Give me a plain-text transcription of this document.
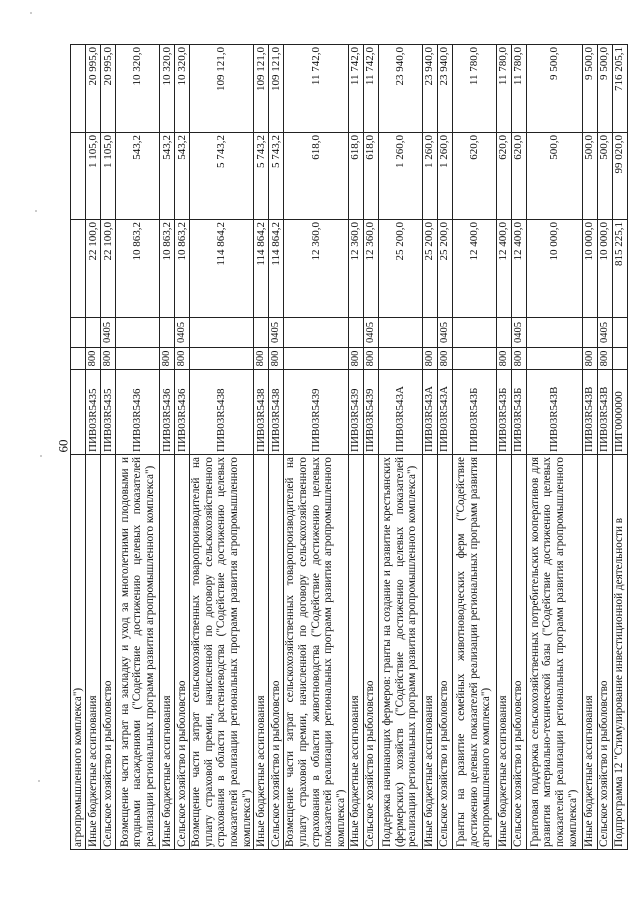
60
агропромышленного комплекса")						
Иные бюджетные ассигнования	ПИВ03R5435	800		22 100,0	1 105,0	20 995,0
Сельское хозяйство и рыболовство	ПИВ03R5435	800	0405	22 100,0	1 105,0	20 995,0
Возмещение части затрат на закладку и уход за многолетними плодовыми и ягодными насаждениями ("Содействие достижению целевых показателей реализации региональных программ развития агропромышленного комплекса")	ПИВ03R5436			10 863,2	543,2	10 320,0
Иные бюджетные ассигнования	ПИВ03R5436	800		10 863,2	543,2	10 320,0
Сельское хозяйство и рыболовство	ПИВ03R5436	800	0405	10 863,2	543,2	10 320,0
Возмещение части затрат сельскохозяйственных товаропроизводителей на уплату страховой премии, начисленной по договору сельскохозяйственного страхования в области растениеводства ("Содействие достижению целевых показателей реализации региональных программ развития агропромышленного комплекса")	ПИВ03R5438			114 864,2	5 743,2	109 121,0
Иные бюджетные ассигнования	ПИВ03R5438	800		114 864,2	5 743,2	109 121,0
Сельское хозяйство и рыболовство	ПИВ03R5438	800	0405	114 864,2	5 743,2	109 121,0
Возмещение части затрат сельскохозяйственных товаропроизводителей на уплату страховой премии, начисленной по договору сельскохозяйственного страхования в области животноводства ("Содействие достижению целевых показателей реализации региональных программ развития агропромышленного комплекса")	ПИВ03R5439			12 360,0	618,0	11 742,0
Иные бюджетные ассигнования	ПИВ03R5439	800		12 360,0	618,0	11 742,0
Сельское хозяйство и рыболовство	ПИВ03R5439	800	0405	12 360,0	618,0	11 742,0
Поддержка начинающих фермеров: гранты на создание и развитие крестьянских (фермерских) хозяйств ("Содействие достижению целевых показателей реализации региональных программ развития агропромышленного комплекса")	ПИВ03R543А			25 200,0	1 260,0	23 940,0
Иные бюджетные ассигнования	ПИВ03R543А	800		25 200,0	1 260,0	23 940,0
Сельское хозяйство и рыболовство	ПИВ03R543А	800	0405	25 200,0	1 260,0	23 940,0
Гранты на развитие семейных животноводческих ферм ("Содействие достижению целевых показателей реализации региональных программ развития агропромышленного комплекса")	ПИВ03R543Б			12 400,0	620,0	11 780,0
Иные бюджетные ассигнования	ПИВ03R543Б	800		12 400,0	620,0	11 780,0
Сельское хозяйство и рыболовство	ПИВ03R543Б	800	0405	12 400,0	620,0	11 780,0
Грантовая поддержка сельскохозяйственных потребительских кооперативов для развития материально-технической базы ("Содействие достижению целевых показателей реализации региональных программ развития агропромышленного комплекса")	ПИВ03R543В			10 000,0	500,0	9 500,0
Иные бюджетные ассигнования	ПИВ03R543В	800		10 000,0	500,0	9 500,0
Сельское хозяйство и рыболовство	ПИВ03R543В	800	0405	10 000,0	500,0	9 500,0
Подпрограмма 12 "Стимулирование инвестиционной деятельности в	ПИГ0000000			815 225,1	99 020,0	716 205,1
